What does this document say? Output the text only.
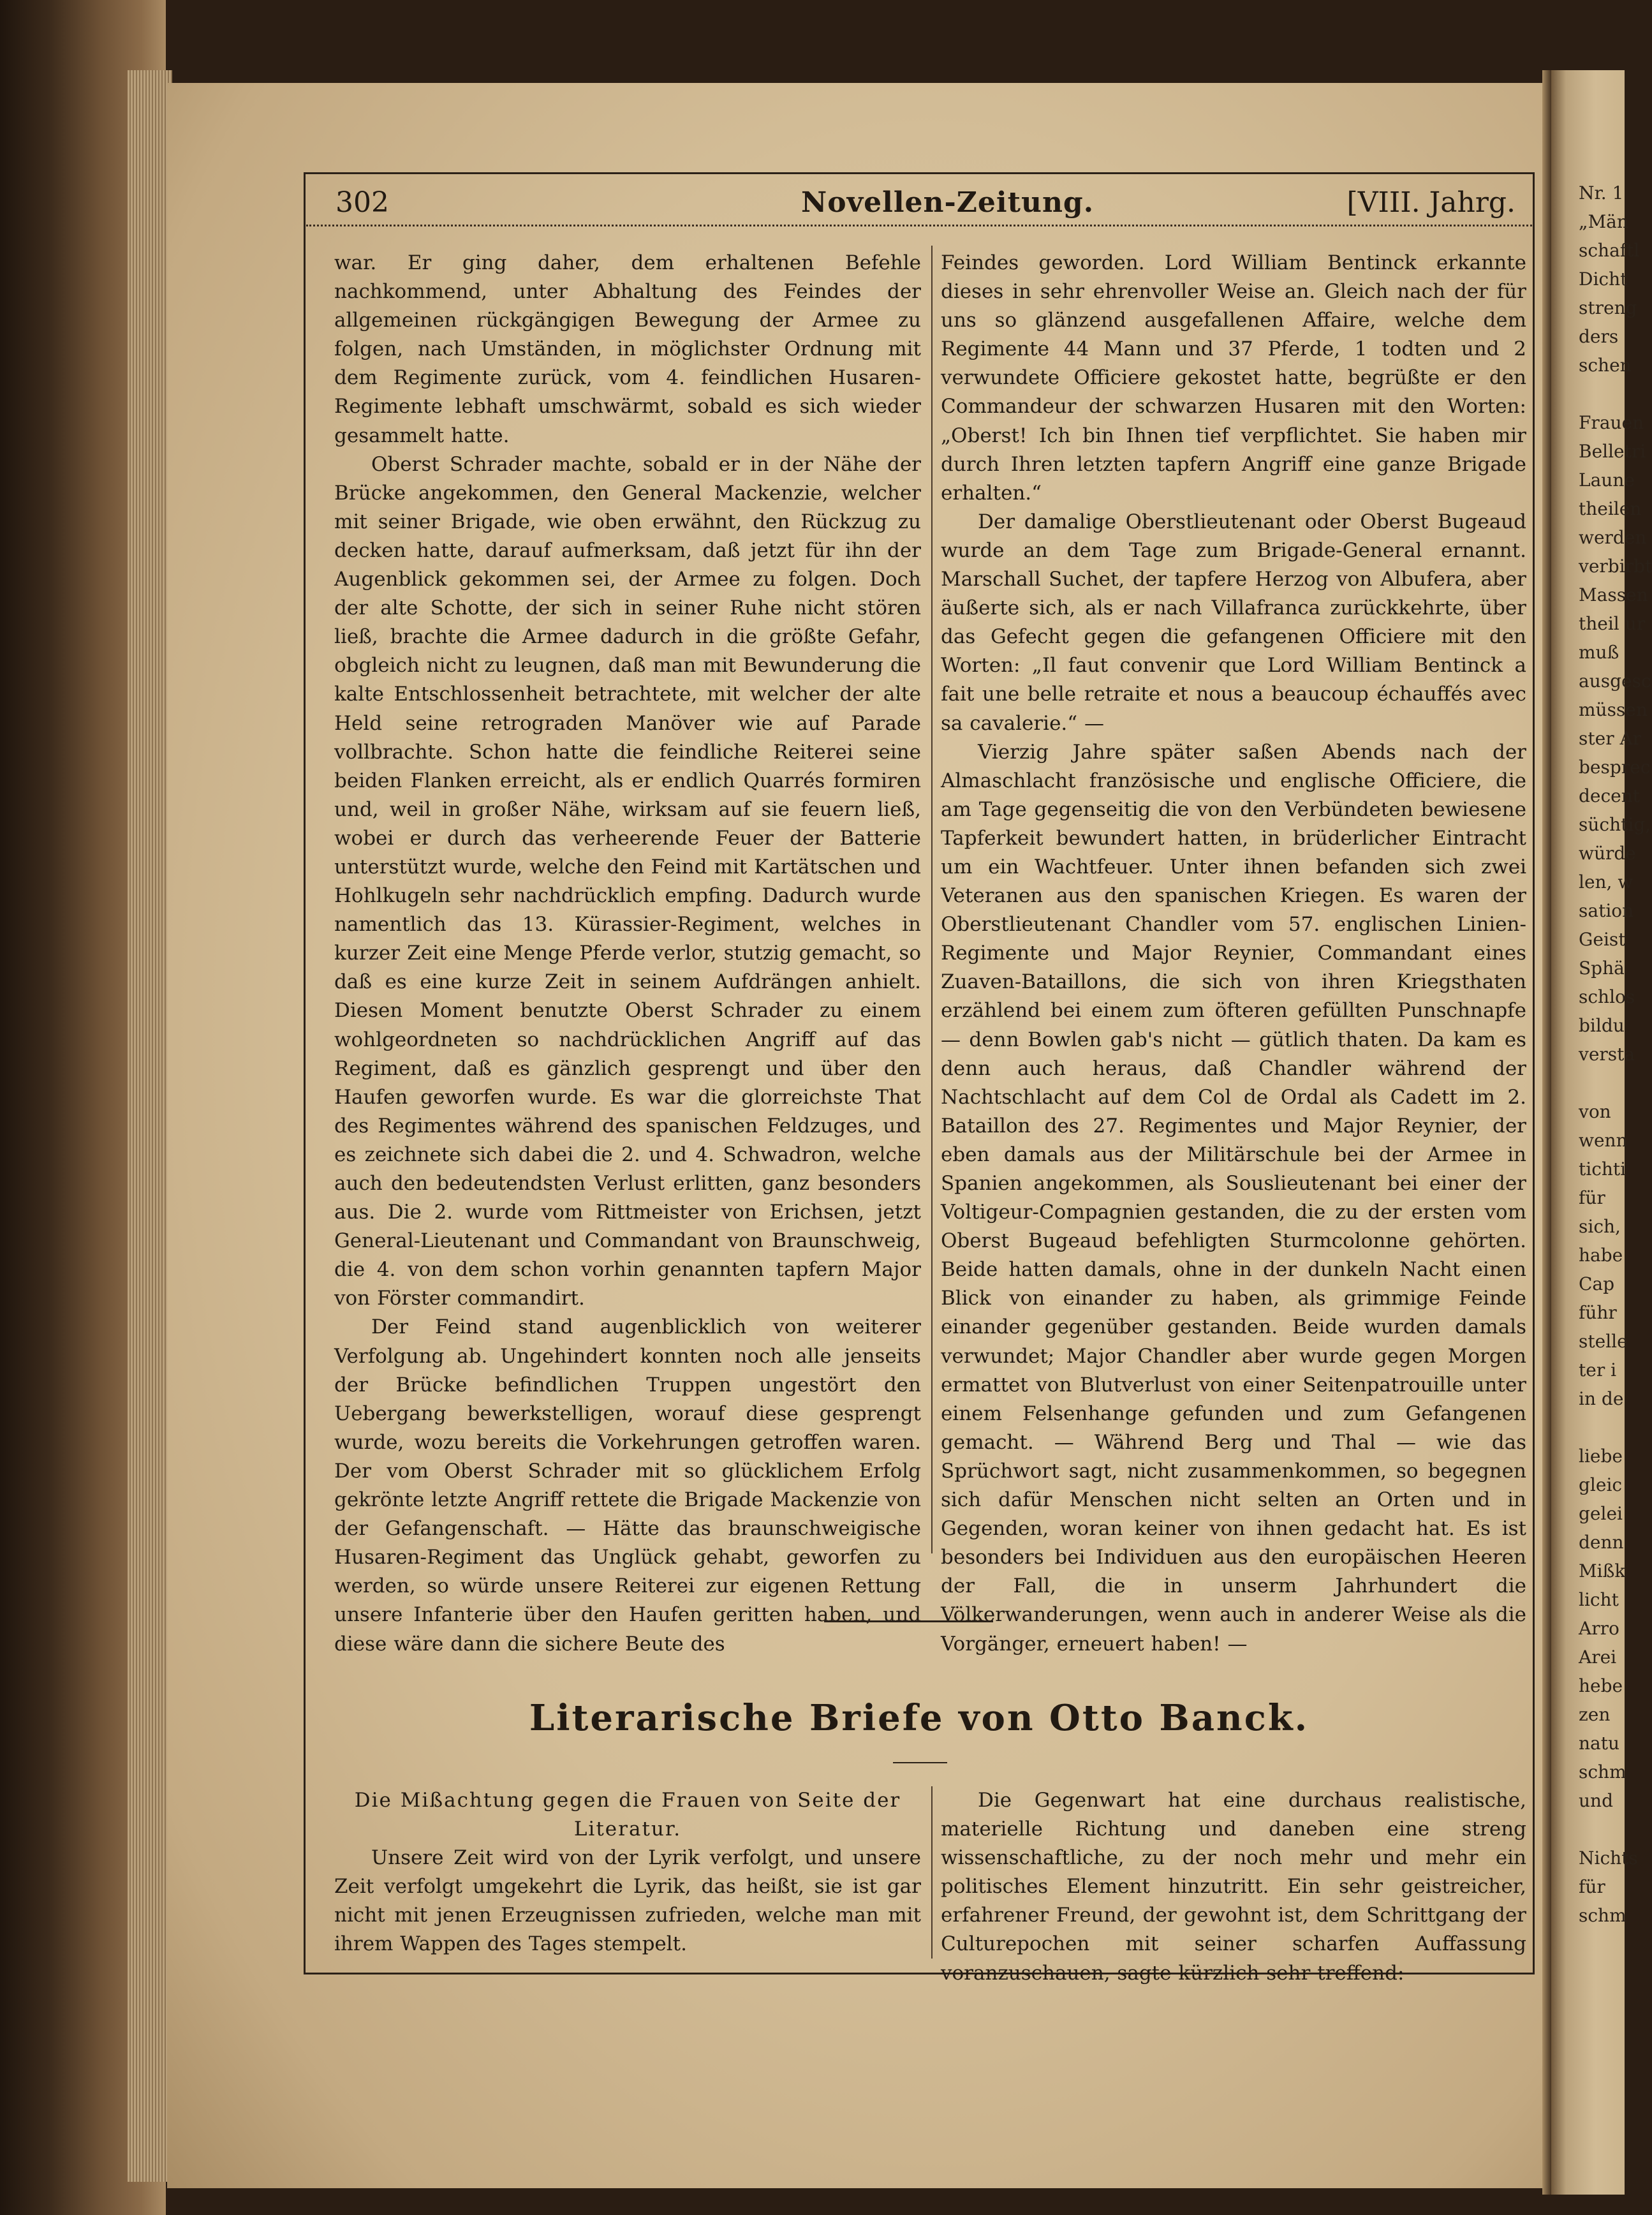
Nr. 1
„Män
schaftl
Dicht
streng
ders
schen
Frauen
Belletri
Laune
theilen
werden
verbirbt
Massen
theil ur
muß
ausgesc
müssen
ster Ar
besprec
decent
süchtig,
würde
len, w
sation
Geist
Sphä
schlos
bildu
versta
von
wenn
tichti
für
sich,
habe
Cap
führ
stelle
ter i
in de
liebe
gleic
gelei
denn
Mißk
licht
Arro
Arei
hebe
zen
natu
schm
und
Nichts
für
schm
302	Novellen-Zeitung.	[VIII. Jahrg.

war. Er ging daher, dem erhaltenen Befehle nachkommend, unter Abhaltung des Feindes der allgemeinen rückgängigen Bewegung der Armee zu folgen, nach Umständen, in möglichster Ordnung mit dem Regimente zurück, vom 4. feindlichen Husaren-Regimente lebhaft umschwärmt, sobald es sich wieder gesammelt hatte.

Oberst Schrader machte, sobald er in der Nähe der Brücke angekommen, den General Mackenzie, welcher mit seiner Brigade, wie oben erwähnt, den Rückzug zu decken hatte, darauf aufmerksam, daß jetzt für ihn der Augenblick gekommen sei, der Armee zu folgen. Doch der alte Schotte, der sich in seiner Ruhe nicht stören ließ, brachte die Armee dadurch in die größte Gefahr, obgleich nicht zu leugnen, daß man mit Bewunderung die kalte Entschlossenheit betrachtete, mit welcher der alte Held seine retrograden Manöver wie auf Parade vollbrachte. Schon hatte die feindliche Reiterei seine beiden Flanken erreicht, als er endlich Quarrés formiren und, weil in großer Nähe, wirksam auf sie feuern ließ, wobei er durch das verheerende Feuer der Batterie unterstützt wurde, welche den Feind mit Kartätschen und Hohlkugeln sehr nachdrücklich empfing. Dadurch wurde namentlich das 13. Kürassier-Regiment, welches in kurzer Zeit eine Menge Pferde verlor, stutzig gemacht, so daß es eine kurze Zeit in seinem Aufdrängen anhielt. Diesen Moment benutzte Oberst Schrader zu einem wohlgeordneten so nachdrücklichen Angriff auf das Regiment, daß es gänzlich gesprengt und über den Haufen geworfen wurde. Es war die glorreichste That des Regimentes während des spanischen Feldzuges, und es zeichnete sich dabei die 2. und 4. Schwadron, welche auch den bedeutendsten Verlust erlitten, ganz besonders aus. Die 2. wurde vom Rittmeister von Erichsen, jetzt General-Lieutenant und Commandant von Braunschweig, die 4. von dem schon vorhin genannten tapfern Major von Förster commandirt.

Der Feind stand augenblicklich von weiterer Verfolgung ab. Ungehindert konnten noch alle jenseits der Brücke befindlichen Truppen ungestört den Uebergang bewerkstelligen, worauf diese gesprengt wurde, wozu bereits die Vorkehrungen getroffen waren. Der vom Oberst Schrader mit so glücklichem Erfolg gekrönte letzte Angriff rettete die Brigade Mackenzie von der Gefangenschaft. — Hätte das braunschweigische Husaren-Regiment das Unglück gehabt, geworfen zu werden, so würde unsere Reiterei zur eigenen Rettung unsere Infanterie über den Haufen geritten haben, und diese wäre dann die sichere Beute des

Feindes geworden. Lord William Bentinck erkannte dieses in sehr ehrenvoller Weise an. Gleich nach der für uns so glänzend ausgefallenen Affaire, welche dem Regimente 44 Mann und 37 Pferde, 1 todten und 2 verwundete Officiere gekostet hatte, begrüßte er den Commandeur der schwarzen Husaren mit den Worten: „Oberst! Ich bin Ihnen tief verpflichtet. Sie haben mir durch Ihren letzten tapfern Angriff eine ganze Brigade erhalten.“

Der damalige Oberstlieutenant oder Oberst Bugeaud wurde an dem Tage zum Brigade-General ernannt. Marschall Suchet, der tapfere Herzog von Albufera, aber äußerte sich, als er nach Villafranca zurückkehrte, über das Gefecht gegen die gefangenen Officiere mit den Worten: „Il faut convenir que Lord William Bentinck a fait une belle retraite et nous a beaucoup échauffés avec sa cavalerie.“ —

Vierzig Jahre später saßen Abends nach der Almaschlacht französische und englische Officiere, die am Tage gegenseitig die von den Verbündeten bewiesene Tapferkeit bewundert hatten, in brüderlicher Eintracht um ein Wachtfeuer. Unter ihnen befanden sich zwei Veteranen aus den spanischen Kriegen. Es waren der Oberstlieutenant Chandler vom 57. englischen Linien-Regimente und Major Reynier, Commandant eines Zuaven-Bataillons, die sich von ihren Kriegsthaten erzählend bei einem zum öfteren gefüllten Punschnapfe — denn Bowlen gab's nicht — gütlich thaten. Da kam es denn auch heraus, daß Chandler während der Nachtschlacht auf dem Col de Ordal als Cadett im 2. Bataillon des 27. Regimentes und Major Reynier, der eben damals aus der Militärschule bei der Armee in Spanien angekommen, als Souslieutenant bei einer der Voltigeur-Compagnien gestanden, die zu der ersten vom Oberst Bugeaud befehligten Sturmcolonne gehörten. Beide hatten damals, ohne in der dunkeln Nacht einen Blick von einander zu haben, als grimmige Feinde einander gegenüber gestanden. Beide wurden damals verwundet; Major Chandler aber wurde gegen Morgen ermattet von Blutverlust von einer Seitenpatrouille unter einem Felsenhange gefunden und zum Gefangenen gemacht. — Während Berg und Thal — wie das Sprüchwort sagt, nicht zusammenkommen, so begegnen sich dafür Menschen nicht selten an Orten und in Gegenden, woran keiner von ihnen gedacht hat. Es ist besonders bei Individuen aus den europäischen Heeren der Fall, die in unserm Jahrhundert die Völkerwanderungen, wenn auch in anderer Weise als die Vorgänger, erneuert haben! —

Literarische Briefe von Otto Banck.

Die Mißachtung gegen die Frauen von Seite der Literatur.

Unsere Zeit wird von der Lyrik verfolgt, und unsere Zeit verfolgt umgekehrt die Lyrik, das heißt, sie ist gar nicht mit jenen Erzeugnissen zufrieden, welche man mit ihrem Wappen des Tages stempelt.

Die Gegenwart hat eine durchaus realistische, materielle Richtung und daneben eine streng wissenschaftliche, zu der noch mehr und mehr ein politisches Element hinzutritt. Ein sehr geistreicher, erfahrener Freund, der gewohnt ist, dem Schrittgang der Culturepochen mit seiner scharfen Auffassung voranzuschauen, sagte kürzlich sehr treffend:
